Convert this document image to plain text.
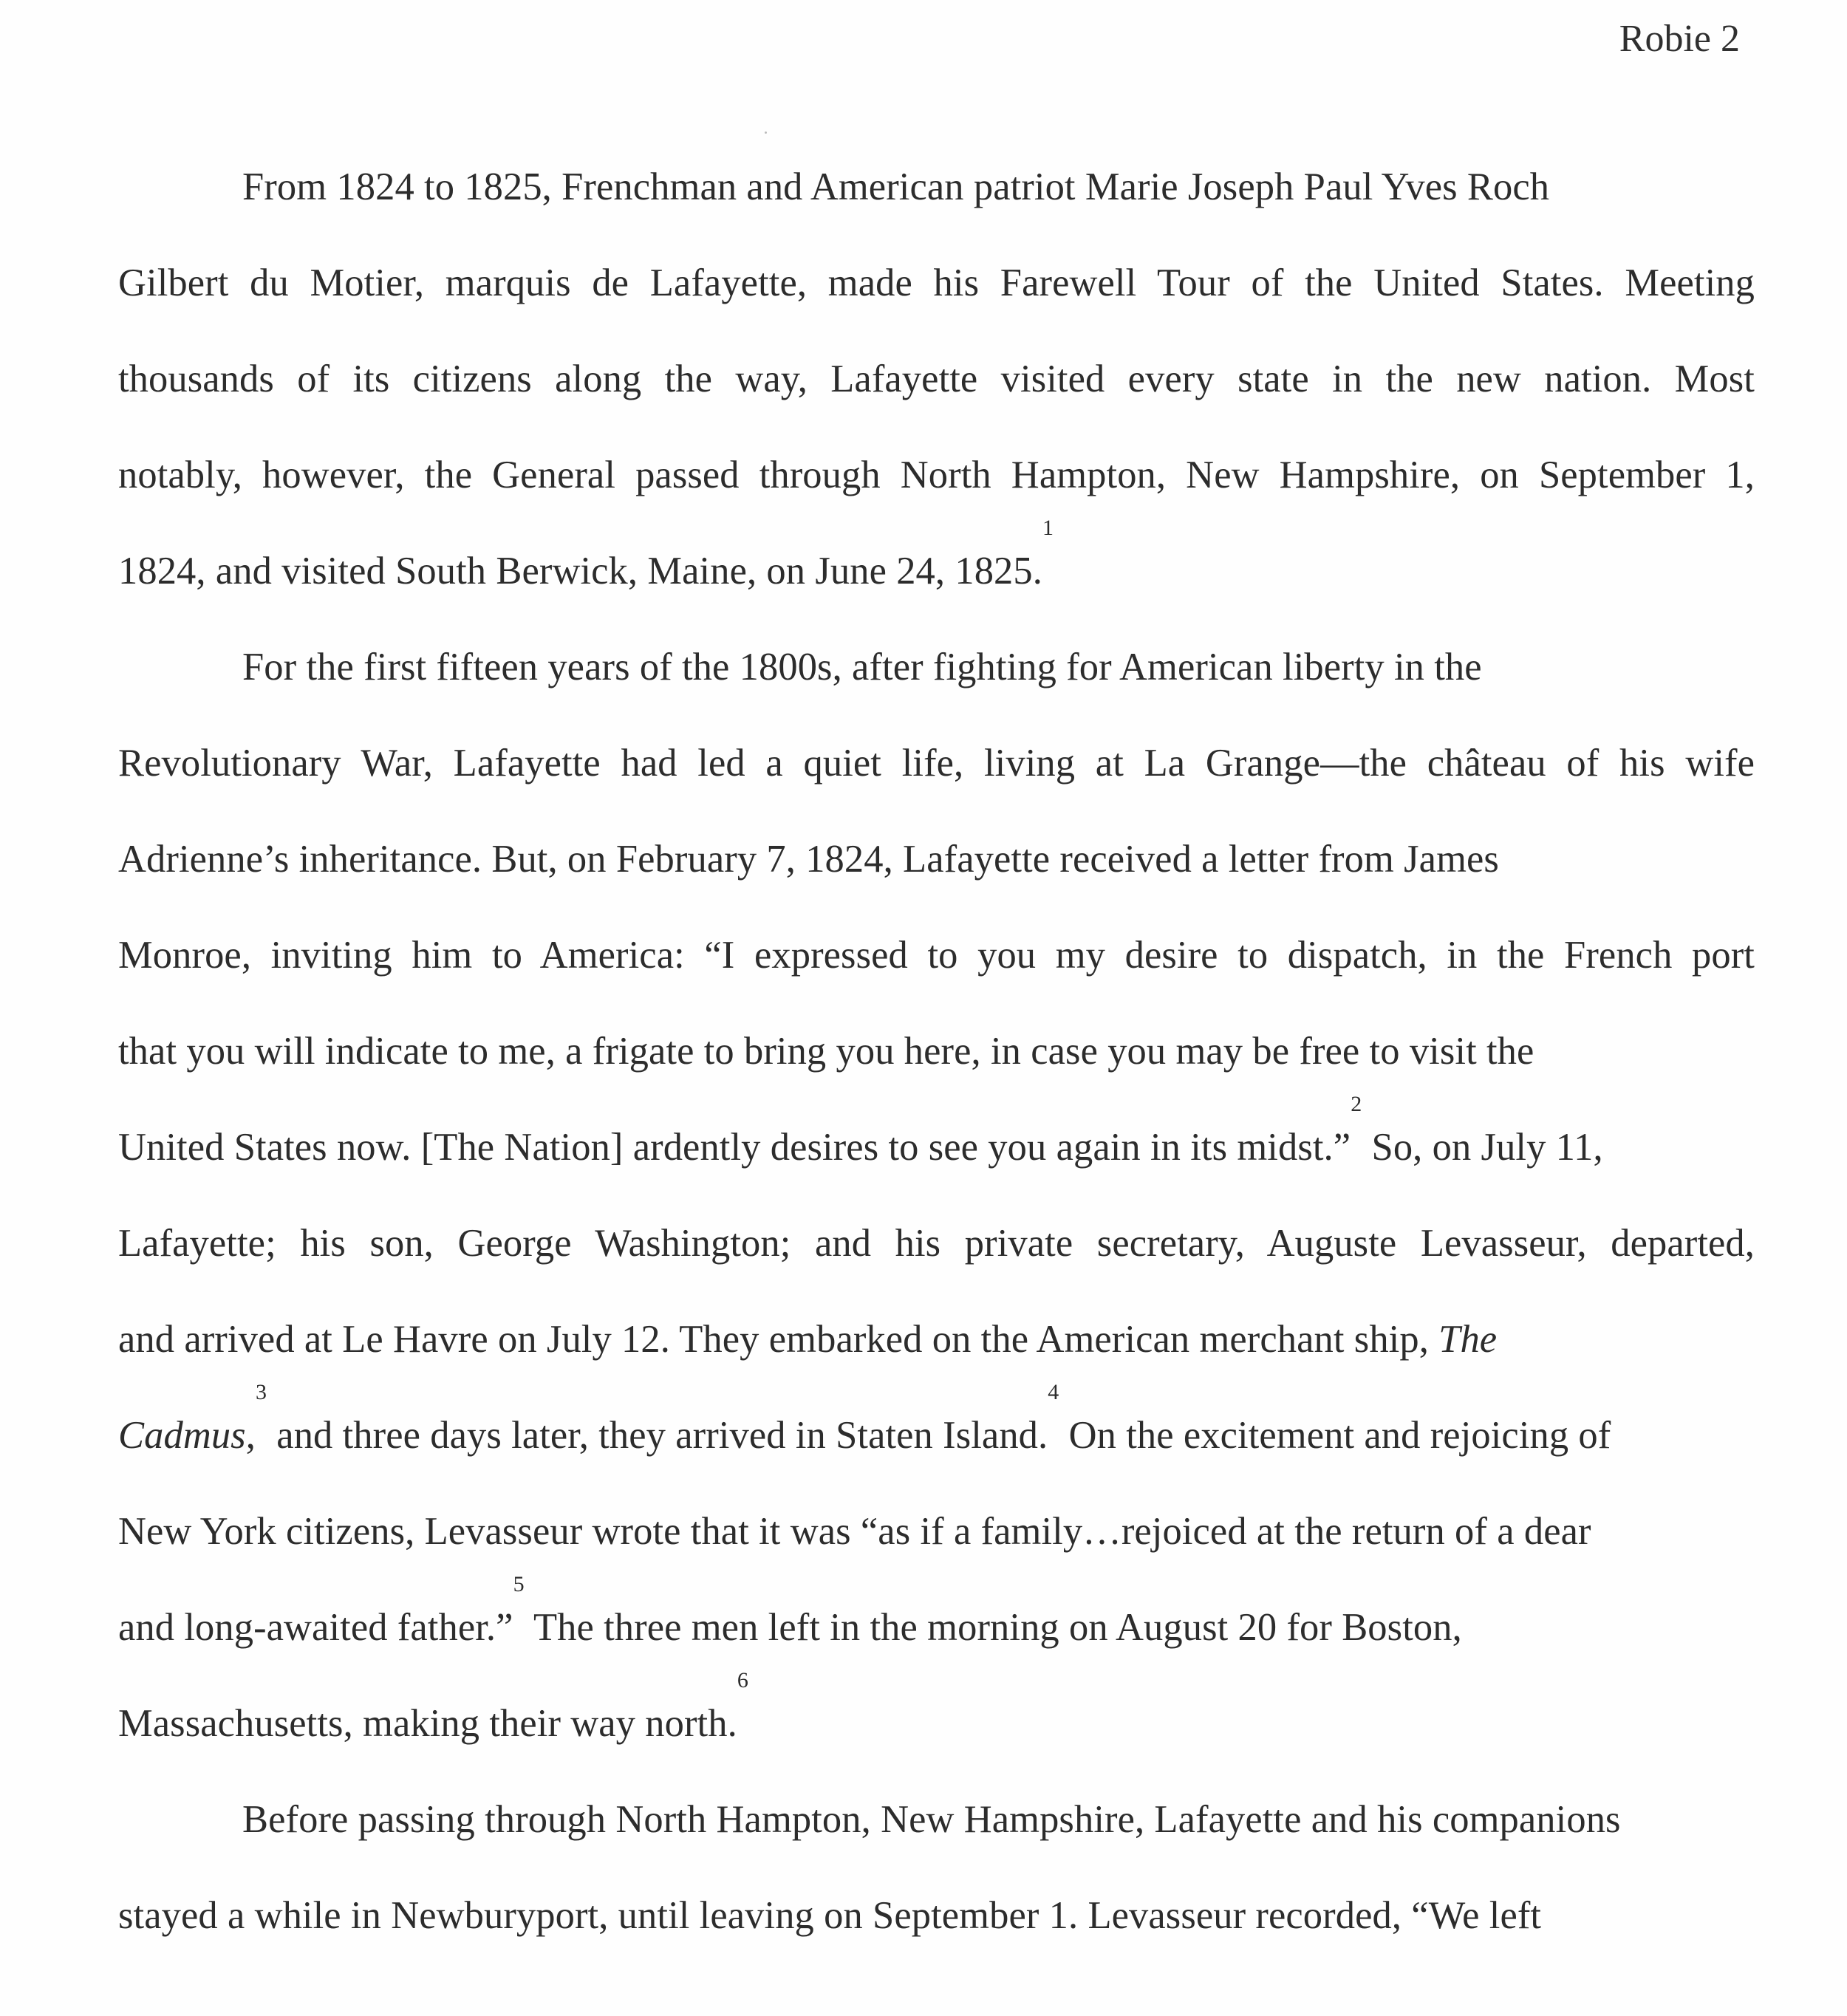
Robie 2
From 1824 to 1825, Frenchman and American patriot Marie Joseph Paul Yves Roch
Gilbert du Motier, marquis de Lafayette, made his Farewell Tour of the United States. Meeting
thousands of its citizens along the way, Lafayette visited every state in the new nation. Most
notably, however, the General passed through North Hampton, New Hampshire, on September 1,
1824, and visited South Berwick, Maine, on June 24, 1825.$^1$
For the first fifteen years of the 1800s, after fighting for American liberty in the
Revolutionary War, Lafayette had led a quiet life, living at La Grange—the château of his wife
Adrienne’s inheritance. But, on February 7, 1824, Lafayette received a letter from James
Monroe, inviting him to America: “I expressed to you my desire to dispatch, in the French port
that you will indicate to me, a frigate to bring you here, in case you may be free to visit the
United States now. [The Nation] ardently desires to see you again in its midst.”$^2$ So, on July 11,
Lafayette; his son, George Washington; and his private secretary, Auguste Levasseur, departed,
and arrived at Le Havre on July 12. They embarked on the American merchant ship, The
Cadmus,$^3$ and three days later, they arrived in Staten Island.$^4$ On the excitement and rejoicing of
New York citizens, Levasseur wrote that it was “as if a family…rejoiced at the return of a dear
and long-awaited father.”$^5$ The three men left in the morning on August 20 for Boston,
Massachusetts, making their way north.$^6$
Before passing through North Hampton, New Hampshire, Lafayette and his companions
stayed a while in Newburyport, until leaving on September 1. Levasseur recorded, “We left
